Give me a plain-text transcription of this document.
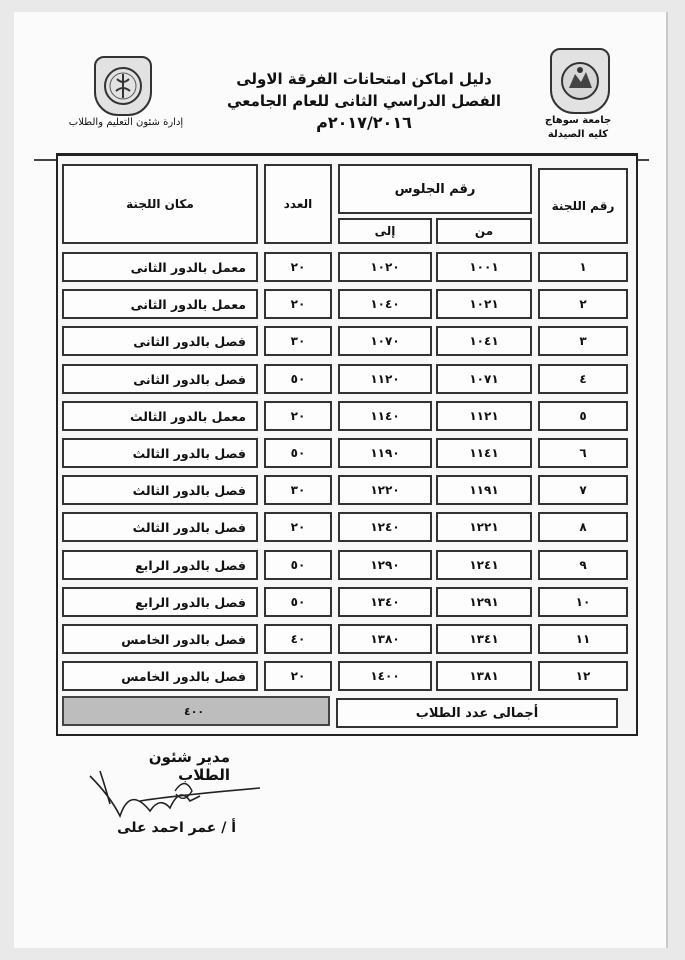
إدارة شئون التعليم والطلاب	جامعة سوهاج
كليه الصيدلة
دليل اماكن امتحانات الفرقة الاولى
الفصل الدراسي الثانى للعام الجامعي
٢٠١٧/٢٠١٦م
مكان اللجنة	العدد
رقم الجلوس
إلى	من
رقم اللجنة
معمل بالدور الثانى	٢٠	١٠٢٠	١٠٠١	١
معمل بالدور الثانى	٢٠	١٠٤٠	١٠٢١	٢
فصل بالدور الثانى	٣٠	١٠٧٠	١٠٤١	٣
فصل بالدور الثانى	٥٠	١١٢٠	١٠٧١	٤
معمل بالدور الثالث	٢٠	١١٤٠	١١٢١	٥
فصل بالدور الثالث	٥٠	١١٩٠	١١٤١	٦
فصل بالدور الثالث	٣٠	١٢٢٠	١١٩١	٧
فصل بالدور الثالث	٢٠	١٢٤٠	١٢٢١	٨
فصل بالدور الرابع	٥٠	١٢٩٠	١٢٤١	٩
فصل بالدور الرابع	٥٠	١٣٤٠	١٢٩١	١٠
فصل بالدور الخامس	٤٠	١٣٨٠	١٣٤١	١١
فصل بالدور الخامس	٢٠	١٤٠٠	١٣٨١	١٢
٤٠٠	أجمالى عدد الطلاب
مدير شئون الطلاب
أ / عمر احمد على
